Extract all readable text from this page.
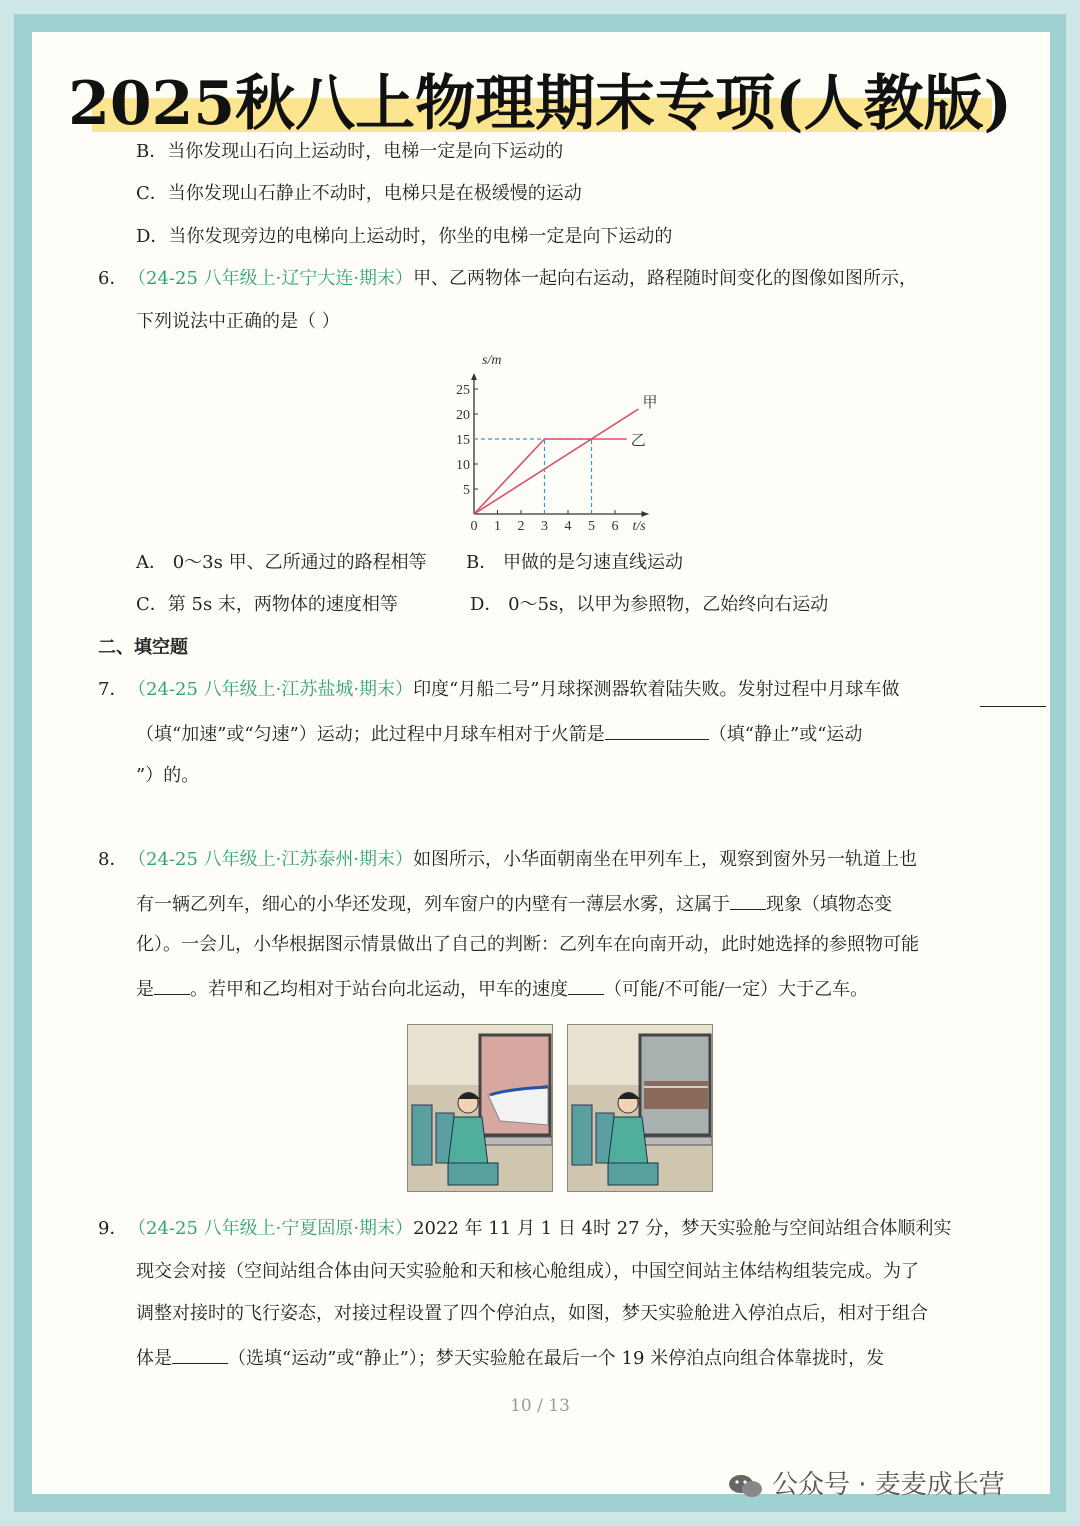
2025秋八上物理期末专项(人教版)
B．当你发现山石向上运动时，电梯一定是向下运动的
C．当你发现山石静止不动时，电梯只是在极缓慢的运动
D．当你发现旁边的电梯向上运动时，你坐的电梯一定是向下运动的
6． （24-25 八年级上·辽宁大连·期末）甲、乙两物体一起向右运动，路程随时间变化的图像如图所示，
下列说法中正确的是（ ）
s/m
t/s
0 1 2 3 4 5 6
5
10
15
20
25
甲
乙
A． 0～3s 甲、乙所通过的路程相等 B． 甲做的是匀速直线运动
C．第 5s 末，两物体的速度相等	D． 0～5s，以甲为参照物，乙始终向右运动
二、填空题
7． （24-25 八年级上·江苏盐城·期末）印度“月船二号”月球探测器软着陆失败。发射过程中月球车做
（填“加速”或“匀速”）运动；此过程中月球车相对于火箭是	（填“静止”或“运动
”）的。
8． （24-25 八年级上·江苏泰州·期末）如图所示，小华面朝南坐在甲列车上，观察到窗外另一轨道上也
有一辆乙列车，细心的小华还发现，列车窗户的内壁有一薄层水雾，这属于 现象（填物态变
化）。一会儿，小华根据图示情景做出了自己的判断：乙列车在向南开动，此时她选择的参照物可能
是 。若甲和乙均相对于站台向北运动，甲车的速度 （可能/不可能/一定）大于乙车。
9． （24-25 八年级上·宁夏固原·期末）2022 年 11 月 1 日 4时 27 分，梦天实验舱与空间站组合体顺利实
现交会对接（空间站组合体由问天实验舱和天和核心舱组成），中国空间站主体结构组装完成。为了
调整对接时的飞行姿态，对接过程设置了四个停泊点，如图，梦天实验舱进入停泊点后，相对于组合
体是	（选填“运动”或“静止”）；梦天实验舱在最后一个 19 米停泊点向组合体靠拢时，发
10 / 13
公众号 · 麦麦成长营
